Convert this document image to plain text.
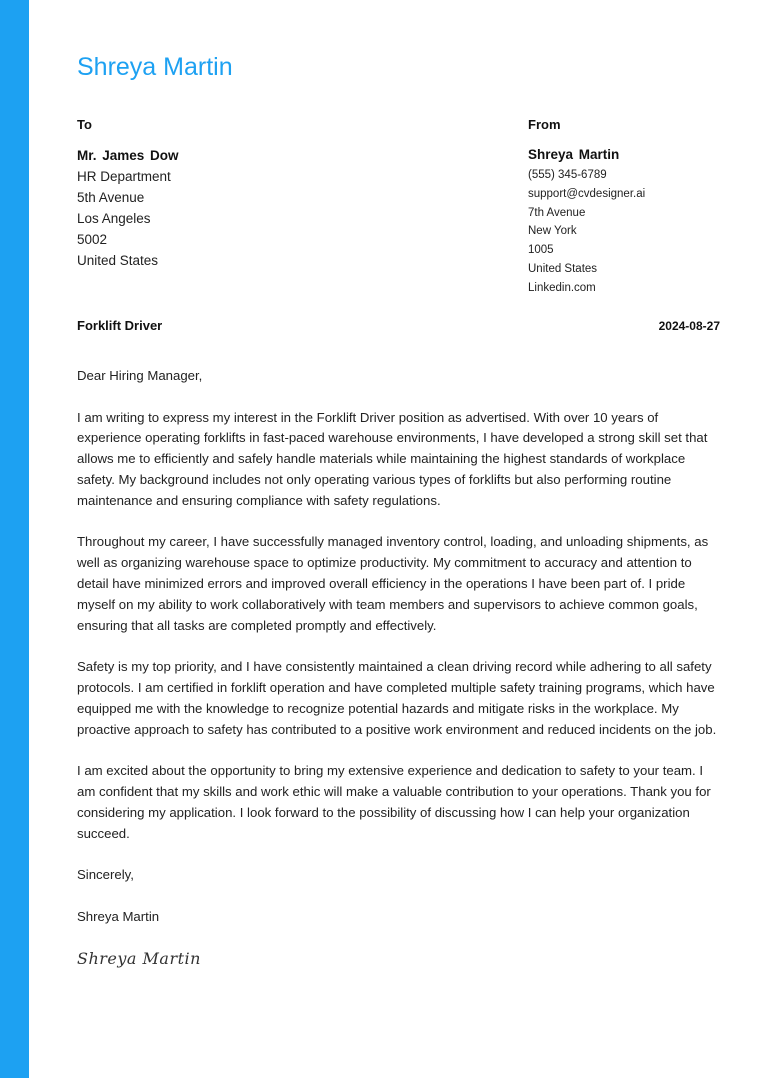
Shreya Martin
To	From
Mr. James Dow
HR Department
5th Avenue
Los Angeles
5002
United States
Shreya Martin
(555) 345-6789
support@cvdesigner.ai
7th Avenue
New York
1005
United States
Linkedin.com
Forklift Driver	2024-08-27

Dear Hiring Manager,

I am writing to express my interest in the Forklift Driver position as advertised. With over 10 years of experience operating forklifts in fast-paced warehouse environments, I have developed a strong skill set that allows me to efficiently and safely handle materials while maintaining the highest standards of workplace safety. My background includes not only operating various types of forklifts but also performing routine maintenance and ensuring compliance with safety regulations.

Throughout my career, I have successfully managed inventory control, loading, and unloading shipments, as well as organizing warehouse space to optimize productivity. My commitment to accuracy and attention to detail have minimized errors and improved overall efficiency in the operations I have been part of. I pride myself on my ability to work collaboratively with team members and supervisors to achieve common goals, ensuring that all tasks are completed promptly and effectively.

Safety is my top priority, and I have consistently maintained a clean driving record while adhering to all safety protocols. I am certified in forklift operation and have completed multiple safety training programs, which have equipped me with the knowledge to recognize potential hazards and mitigate risks in the workplace. My proactive approach to safety has contributed to a positive work environment and reduced incidents on the job.

I am excited about the opportunity to bring my extensive experience and dedication to safety to your team. I am confident that my skills and work ethic will make a valuable contribution to your operations. Thank you for considering my application. I look forward to the possibility of discussing how I can help your organization succeed.

Sincerely,

Shreya Martin

Shreya Martin
